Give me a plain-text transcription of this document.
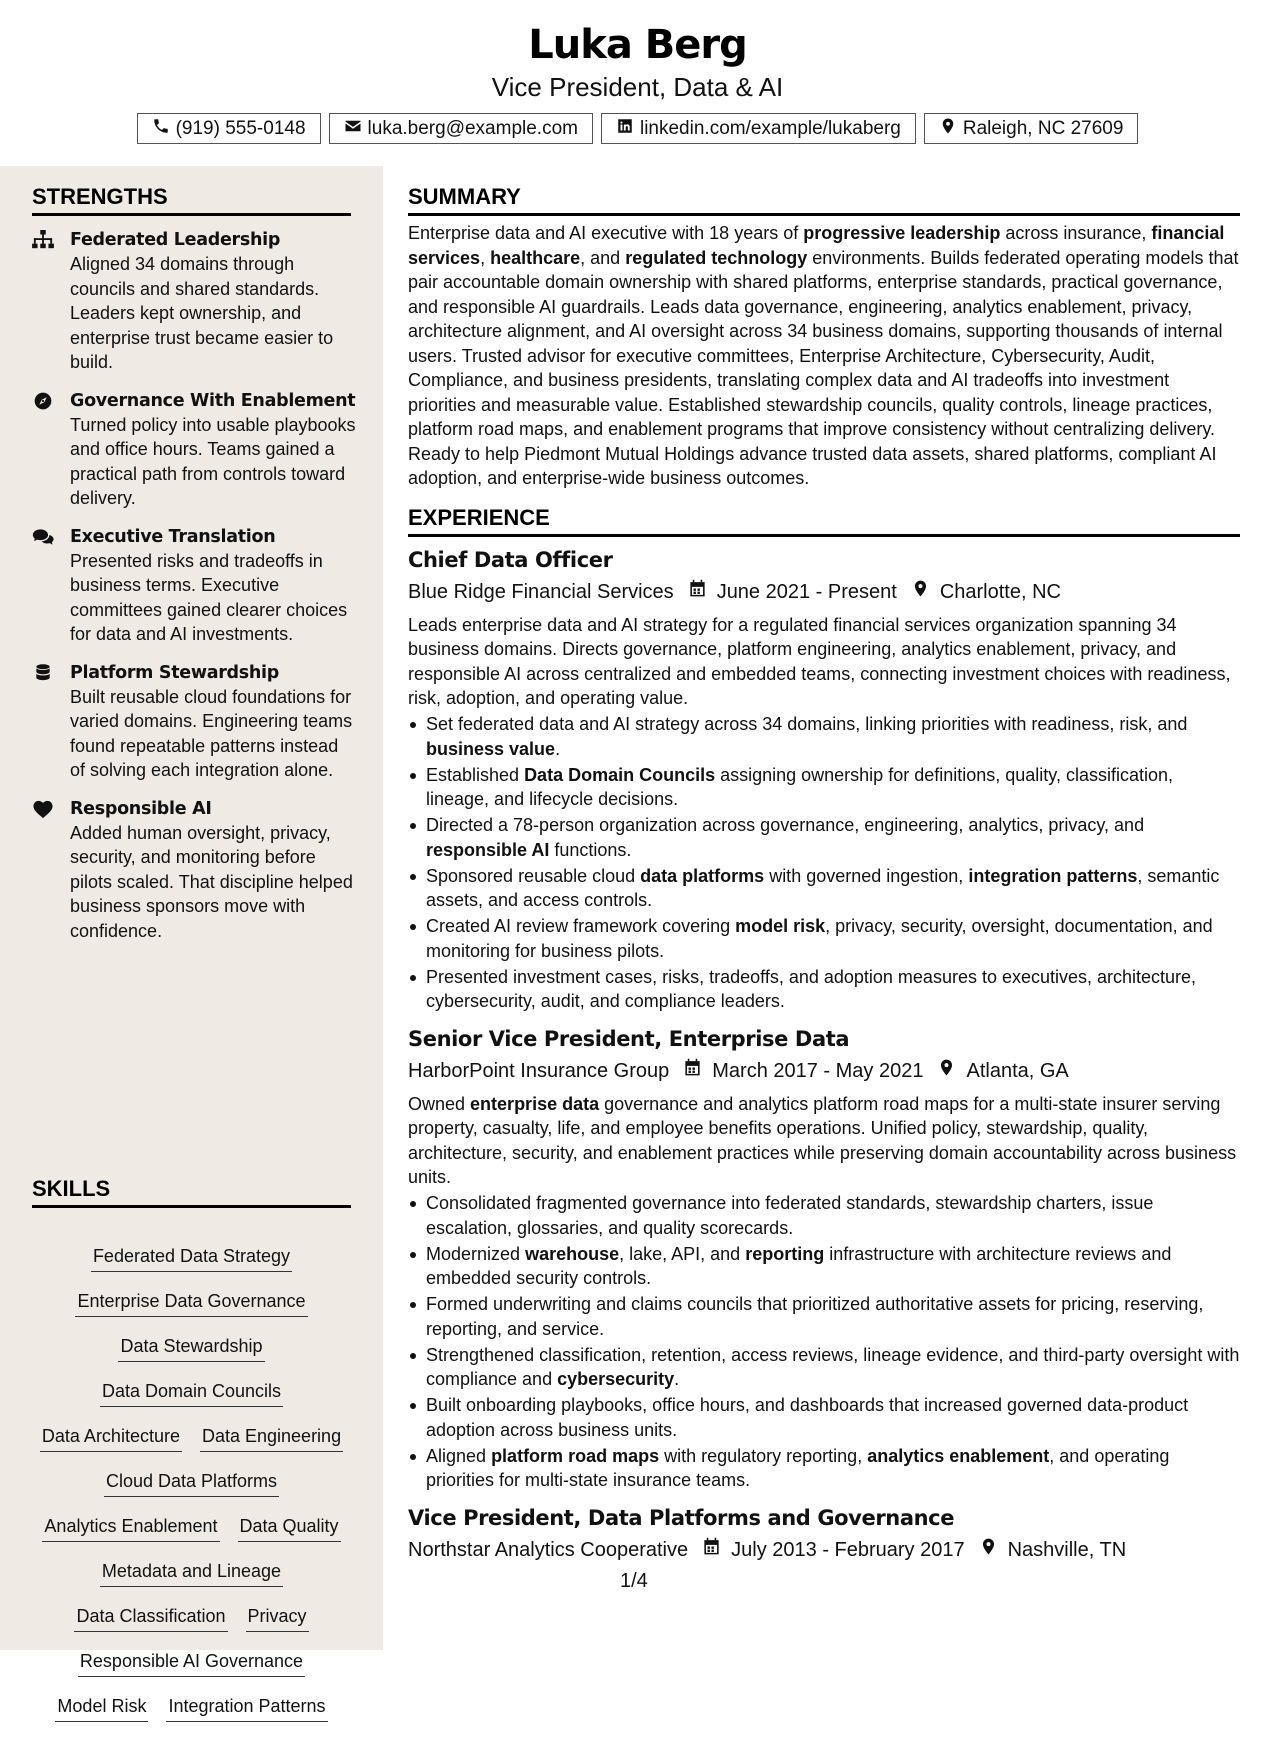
Luka Berg
Vice President, Data & AI
(919) 555-0148	luka.berg@example.com	linkedin.com/example/lukaberg	Raleigh, NC 27609
STRENGTHS
Federated Leadership
Aligned 34 domains through councils and shared standards. Leaders kept ownership, and enterprise trust became easier to build.
Governance With Enablement
Turned policy into usable playbooks and office hours. Teams gained a practical path from controls toward delivery.
Executive Translation
Presented risks and tradeoffs in business terms. Executive committees gained clearer choices for data and AI investments.
Platform Stewardship
Built reusable cloud foundations for varied domains. Engineering teams found repeatable patterns instead of solving each integration alone.
Responsible AI
Added human oversight, privacy, security, and monitoring before pilots scaled. That discipline helped business sponsors move with confidence.
SKILLS
Federated Data Strategy
Enterprise Data Governance
Data Stewardship
Data Domain Councils
Data Architecture Data Engineering
Cloud Data Platforms
Analytics Enablement Data Quality
Metadata and Lineage
Data Classification Privacy
Responsible AI Governance
Model Risk Integration Patterns
SUMMARY
Enterprise data and AI executive with 18 years of progressive leadership across insurance, financial services, healthcare, and regulated technology environments. Builds federated operating models that pair accountable domain ownership with shared platforms, enterprise standards, practical governance, and responsible AI guardrails. Leads data governance, engineering, analytics enablement, privacy, architecture alignment, and AI oversight across 34 business domains, supporting thousands of internal users. Trusted advisor for executive committees, Enterprise Architecture, Cybersecurity, Audit, Compliance, and business presidents, translating complex data and AI tradeoffs into investment priorities and measurable value. Established stewardship councils, quality controls, lineage practices, platform road maps, and enablement programs that improve consistency without centralizing delivery. Ready to help Piedmont Mutual Holdings advance trusted data assets, shared platforms, compliant AI adoption, and enterprise-wide business outcomes.
EXPERIENCE
Chief Data Officer
Blue Ridge Financial Services June 2021 - Present Charlotte, NC
Leads enterprise data and AI strategy for a regulated financial services organization spanning 34 business domains. Directs governance, platform engineering, analytics enablement, privacy, and responsible AI across centralized and embedded teams, connecting investment choices with readiness, risk, adoption, and operating value.
Set federated data and AI strategy across 34 domains, linking priorities with readiness, risk, and business value.
Established Data Domain Councils assigning ownership for definitions, quality, classification, lineage, and lifecycle decisions.
Directed a 78-person organization across governance, engineering, analytics, privacy, and responsible AI functions.
Sponsored reusable cloud data platforms with governed ingestion, integration patterns, semantic assets, and access controls.
Created AI review framework covering model risk, privacy, security, oversight, documentation, and monitoring for business pilots.
Presented investment cases, risks, tradeoffs, and adoption measures to executives, architecture, cybersecurity, audit, and compliance leaders.
Senior Vice President, Enterprise Data
HarborPoint Insurance Group March 2017 - May 2021 Atlanta, GA
Owned enterprise data governance and analytics platform road maps for a multi-state insurer serving property, casualty, life, and employee benefits operations. Unified policy, stewardship, quality, architecture, security, and enablement practices while preserving domain accountability across business units.
Consolidated fragmented governance into federated standards, stewardship charters, issue escalation, glossaries, and quality scorecards.
Modernized warehouse, lake, API, and reporting infrastructure with architecture reviews and embedded security controls.
Formed underwriting and claims councils that prioritized authoritative assets for pricing, reserving, reporting, and service.
Strengthened classification, retention, access reviews, lineage evidence, and third-party oversight with compliance and cybersecurity.
Built onboarding playbooks, office hours, and dashboards that increased governed data-product adoption across business units.
Aligned platform road maps with regulatory reporting, analytics enablement, and operating priorities for multi-state insurance teams.
Vice President, Data Platforms and Governance
Northstar Analytics Cooperative July 2013 - February 2017 Nashville, TN
1/4
